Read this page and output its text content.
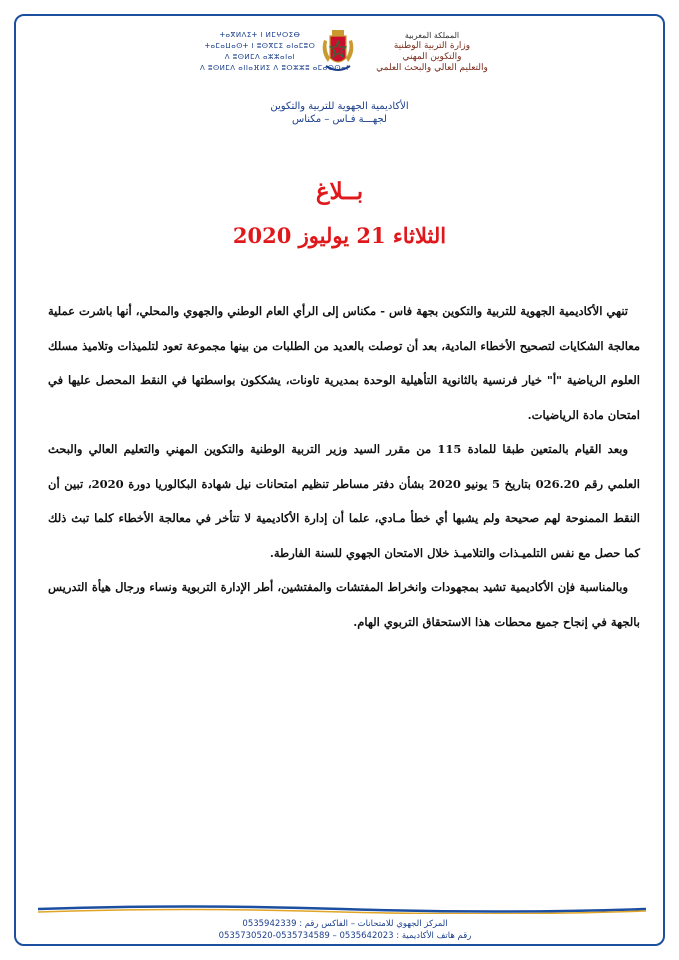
ⵜⴰⴳⵍⴷⵉⵜ ⵏ ⵍⵎⵖⵔⵉⴱ
ⵜⴰⵎⴰⵡⴰⵙⵜ ⵏ ⵓⵙⴳⵎⵉ ⴰⵏⴰⵎⵓⵔ
ⴷ ⵓⵙⵍⵎⴷ ⴰⵣⵣⴰⵏⴰⵏ
ⴷ ⵓⵙⵍⵎⴷ ⴰⵏⵏⴰⴼⵍⵉ ⴷ ⵓⵔⵣⵣⵓ ⴰⵎⴰⵙⵙⴰⵏ
المملكة المغربية
وزارة التربية الوطنية
والتكوين المهني
والتعليم العالي والبحث العلمي
الأكاديمية الجهوية للتربية والتكوين
لجهـــة فـاس – مكناس
بــلاغ
الثلاثاء 21 يوليوز 2020

تنهي الأكاديمية الجهوية للتربية والتكوين بجهة فاس - مكناس إلى الرأي العام الوطني والجهوي والمحلي، أنها باشرت عملية معالجة الشكايات لتصحيح الأخطاء المادية، بعد أن توصلت بالعديد من الطلبات من بينها مجموعة تعود لتلميذات وتلاميذ مسلك العلوم الرياضية "أ" خيار فرنسية بالثانوية التأهيلية الوحدة بمديرية تاونات، يشككون بواسطتها في النقط المحصل عليها في امتحان مادة الرياضيات.

وبعد القيام بالمتعين طبقا للمادة 115 من مقرر السيد وزير التربية الوطنية والتكوين المهني والتعليم العالي والبحث العلمي رقم 026.20 بتاريخ 5 يونيو 2020 بشأن دفتر مساطر تنظيم امتحانات نيل شهادة البكالوريا دورة 2020، تبين أن النقط الممنوحة لهم صحيحة ولم يشبها أي خطأ مـادي، علما أن إدارة الأكاديمية لا تتأخر في معالجة الأخطاء كلما تبث ذلك كما حصل مع نفس التلميـذات والتلاميـذ خلال الامتحان الجهوي للسنة الفارطة.

وبالمناسبة فإن الأكاديمية تشيد بمجهودات وانخراط المفتشات والمفتشين، أطر الإدارة التربوية ونساء ورجال هيأة التدريس بالجهة في إنجاح جميع محطات هذا الاستحقاق التربوي الهام.

المركز الجهوي للامتحانات – الفاكس رقم : 0535942339
رقم هاتف الأكاديمية : 0535642023 – 0535734589-0535730520
